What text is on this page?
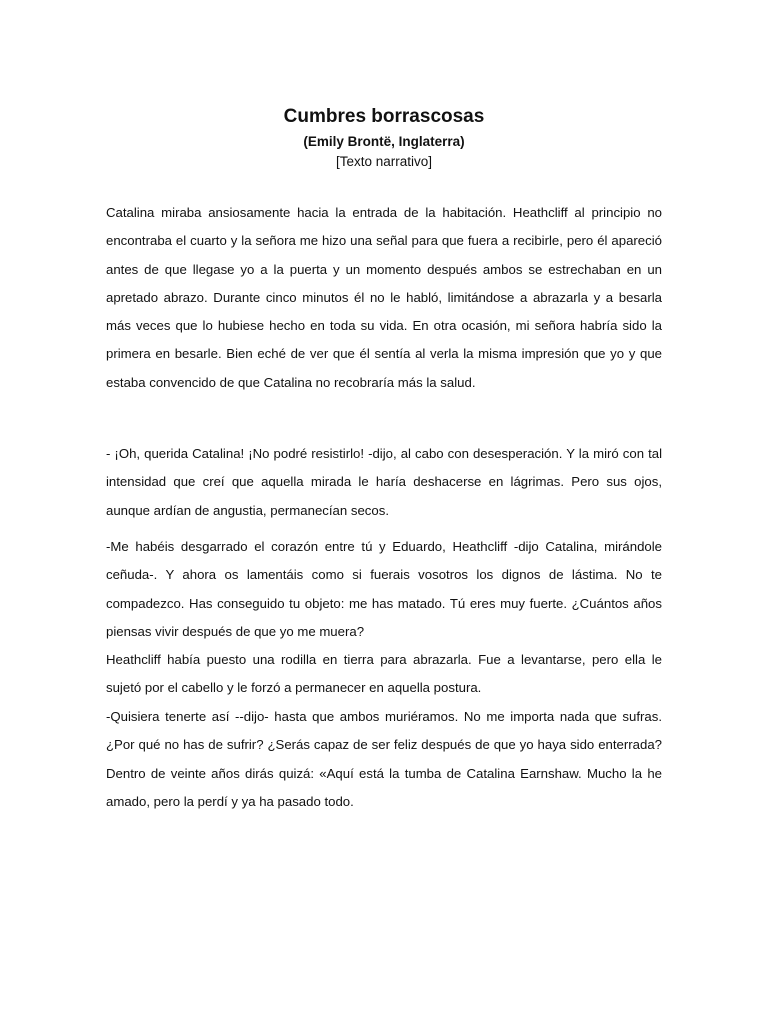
Cumbres borrascosas
(Emily Brontë, Inglaterra)
[Texto narrativo]

Catalina miraba ansiosamente hacia la entrada de la habitación. Heathcliff al principio no encontraba el cuarto y la señora me hizo una señal para que fuera a recibirle, pero él apareció antes de que llegase yo a la puerta y un momento después ambos se estrechaban en un apretado abrazo. Durante cinco minutos él no le habló, limitándose a abrazarla y a besarla más veces que lo hubiese hecho en toda su vida. En otra ocasión, mi señora habría sido la primera en besarle. Bien eché de ver que él sentía al verla la misma impresión que yo y que estaba convencido de que Catalina no recobraría más la salud.

- ¡Oh, querida Catalina! ¡No podré resistirlo! -dijo, al cabo con desesperación. Y la miró con tal intensidad que creí que aquella mirada le haría deshacerse en lágrimas. Pero sus ojos, aunque ardían de angustia, permanecían secos.

-Me habéis desgarrado el corazón entre tú y Eduardo, Heathcliff -dijo Catalina, mirándole ceñuda-. Y ahora os lamentáis como si fuerais vosotros los dignos de lástima. No te compadezco. Has conseguido tu objeto: me has matado. Tú eres muy fuerte. ¿Cuántos años piensas vivir después de que yo me muera?

Heathcliff había puesto una rodilla en tierra para abrazarla. Fue a levantarse, pero ella le sujetó por el cabello y le forzó a permanecer en aquella postura.

-Quisiera tenerte así --dijo- hasta que ambos muriéramos. No me importa nada que sufras. ¿Por qué no has de sufrir? ¿Serás capaz de ser feliz después de que yo haya sido enterrada? Dentro de veinte años dirás quizá: «Aquí está la tumba de Catalina Earnshaw. Mucho la he amado, pero la perdí y ya ha pasado todo.
